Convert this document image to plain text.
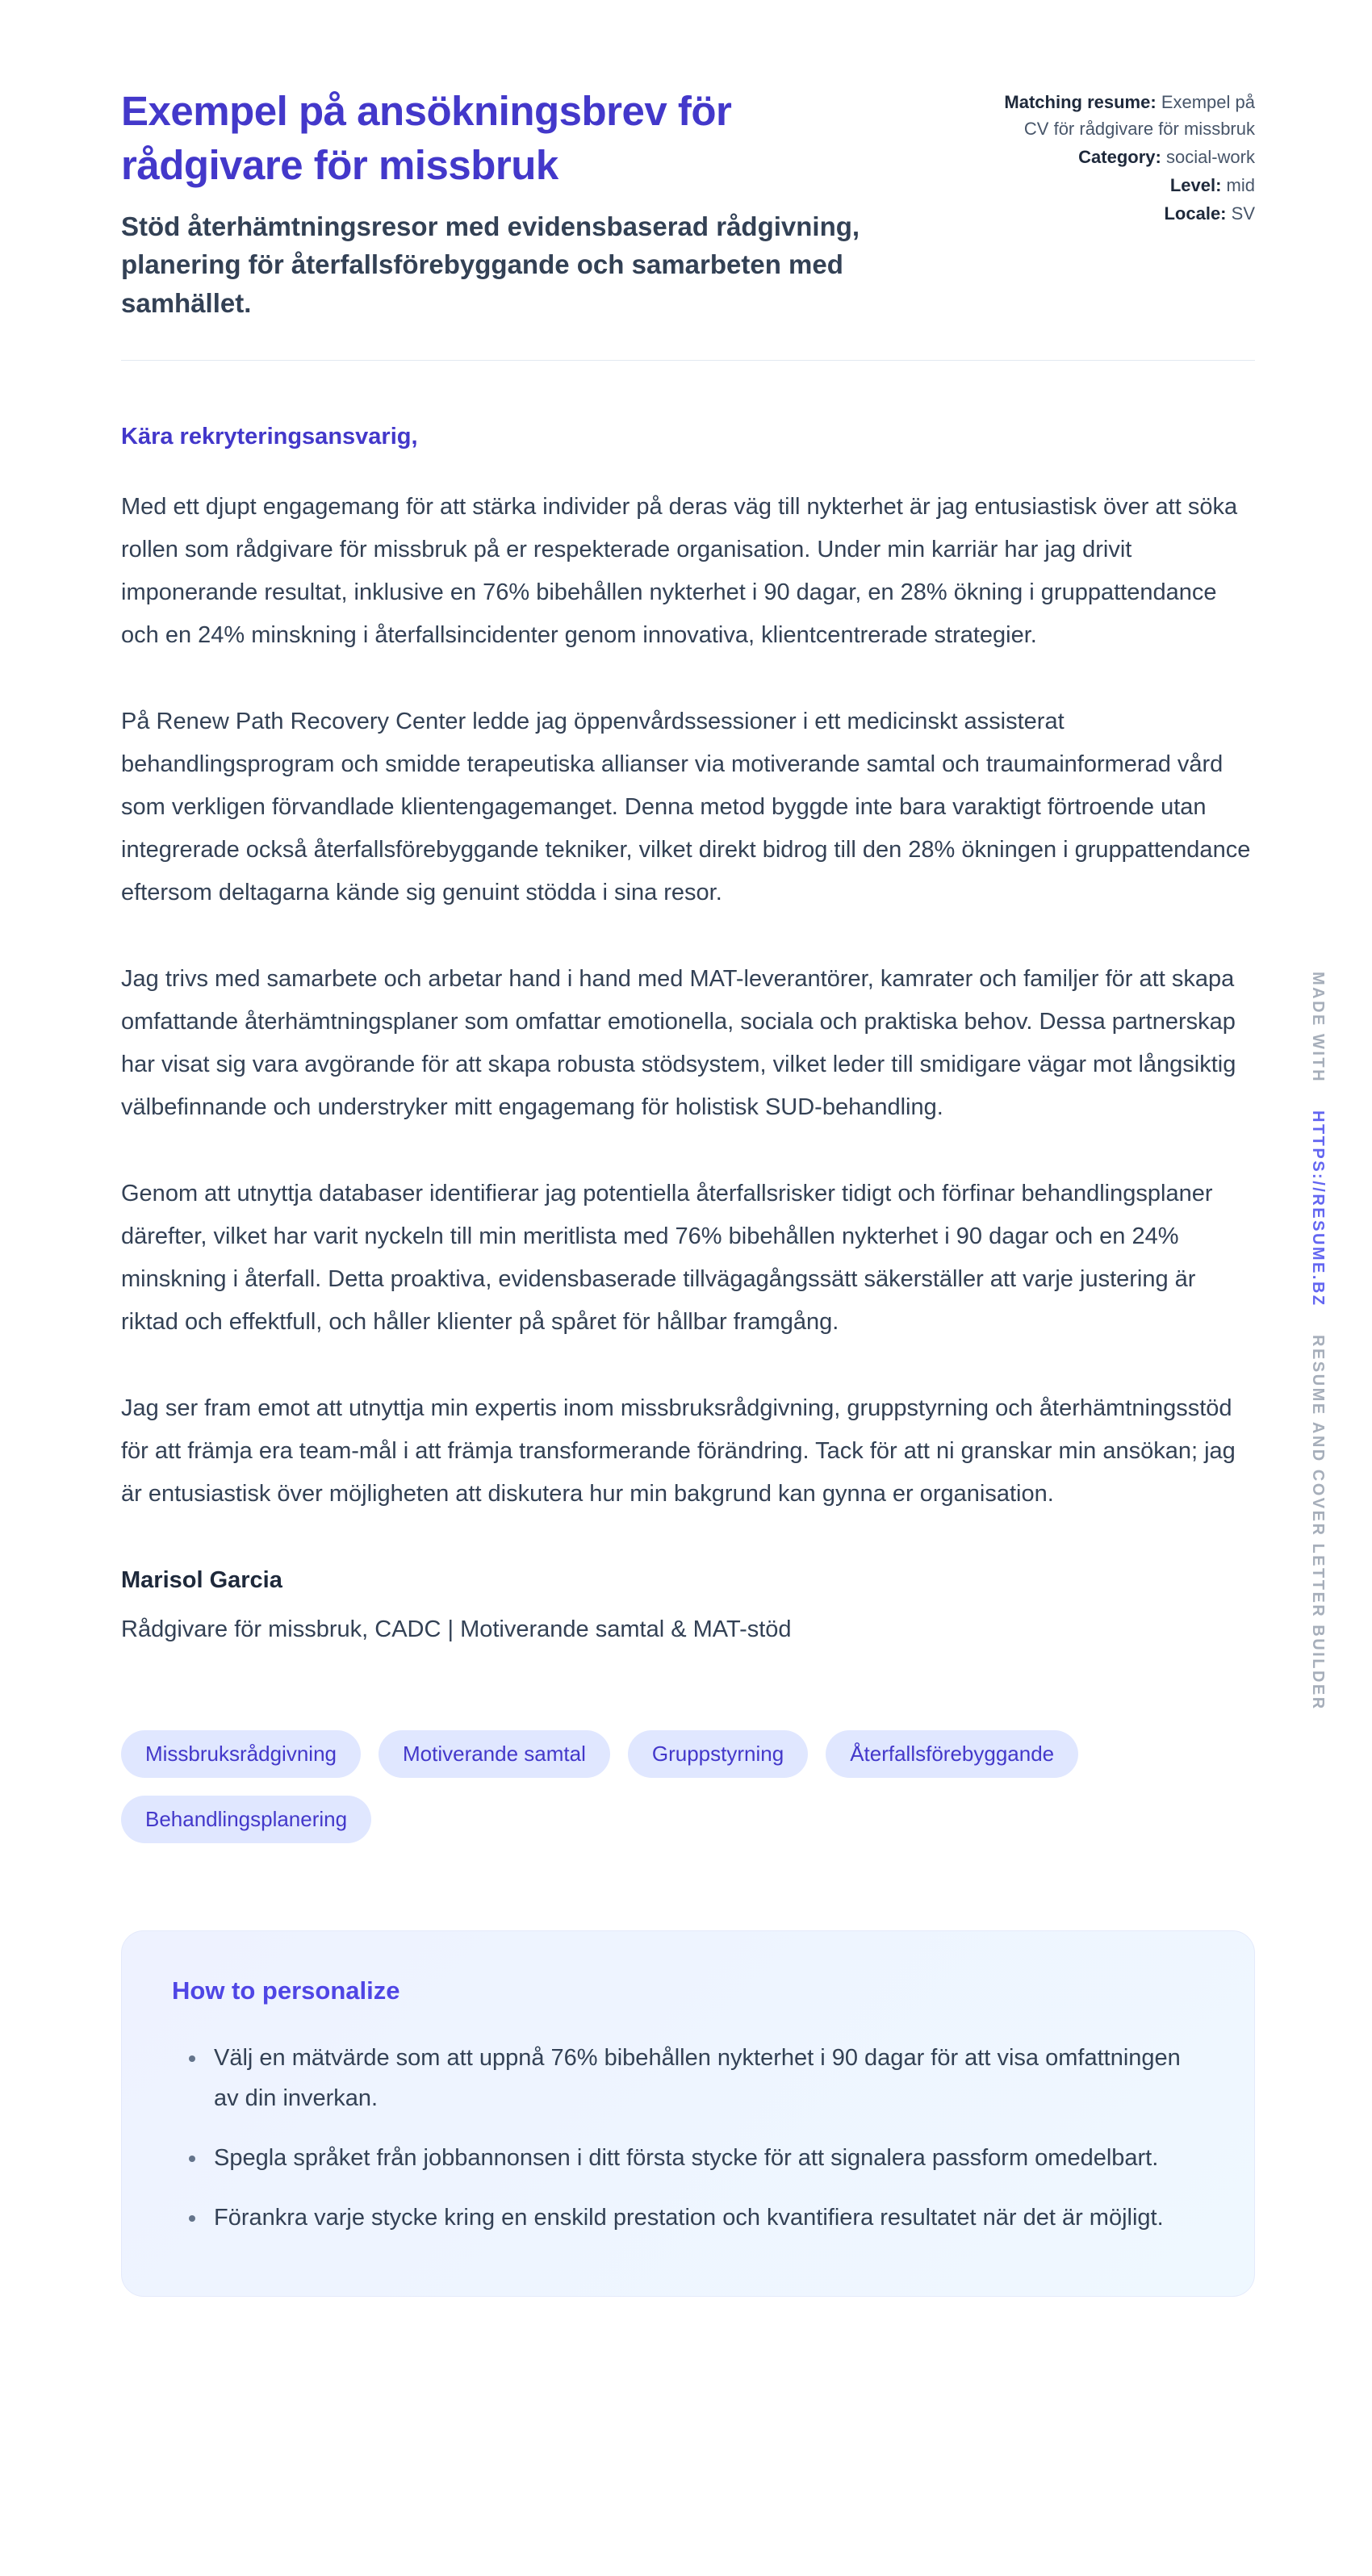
Exempel på ansökningsbrev för rådgivare för missbruk
Stöd återhämtningsresor med evidensbaserad rådgivning, planering för återfallsförebyggande och samarbeten med samhället.
Matching resume: Exempel på CV för rådgivare för missbruk
Category: social-work
Level: mid
Locale: SV
Kära rekryteringsansvarig,

Med ett djupt engagemang för att stärka individer på deras väg till nykterhet är jag entusiastisk över att söka rollen som rådgivare för missbruk på er respekterade organisation. Under min karriär har jag drivit imponerande resultat, inklusive en 76% bibehållen nykterhet i 90 dagar, en 28% ökning i gruppattendance och en 24% minskning i återfallsincidenter genom innovativa, klientcentrerade strategier.

På Renew Path Recovery Center ledde jag öppenvårdssessioner i ett medicinskt assisterat behandlingsprogram och smidde terapeutiska allianser via motiverande samtal och traumainformerad vård som verkligen förvandlade klientengagemanget. Denna metod byggde inte bara varaktigt förtroende utan integrerade också återfallsförebyggande tekniker, vilket direkt bidrog till den 28% ökningen i gruppattendance eftersom deltagarna kände sig genuint stödda i sina resor.

Jag trivs med samarbete och arbetar hand i hand med MAT-leverantörer, kamrater och familjer för att skapa omfattande återhämtningsplaner som omfattar emotionella, sociala och praktiska behov. Dessa partnerskap har visat sig vara avgörande för att skapa robusta stödsystem, vilket leder till smidigare vägar mot långsiktig välbefinnande och understryker mitt engagemang för holistisk SUD-behandling.

Genom att utnyttja databaser identifierar jag potentiella återfallsrisker tidigt och förfinar behandlingsplaner därefter, vilket har varit nyckeln till min meritlista med 76% bibehållen nykterhet i 90 dagar och en 24% minskning i återfall. Detta proaktiva, evidensbaserade tillvägagångssätt säkerställer att varje justering är riktad och effektfull, och håller klienter på spåret för hållbar framgång.

Jag ser fram emot att utnyttja min expertis inom missbruksrådgivning, gruppstyrning och återhämtningsstöd för att främja era team-mål i att främja transformerande förändring. Tack för att ni granskar min ansökan; jag är entusiastisk över möjligheten att diskutera hur min bakgrund kan gynna er organisation.

Marisol Garcia
Rådgivare för missbruk, CADC | Motiverande samtal & MAT-stöd
Missbruksrådgivning	Motiverande samtal	Gruppstyrning	Återfallsförebyggande
Behandlingsplanering
How to personalize
• Välj en mätvärde som att uppnå 76% bibehållen nykterhet i 90 dagar för att visa omfattningen av din inverkan.
• Spegla språket från jobbannonsen i ditt första stycke för att signalera passform omedelbart.
• Förankra varje stycke kring en enskild prestation och kvantifiera resultatet när det är möjligt.
MADE WITH HTTPS://RESUME.BZ RESUME AND COVER LETTER BUILDER
